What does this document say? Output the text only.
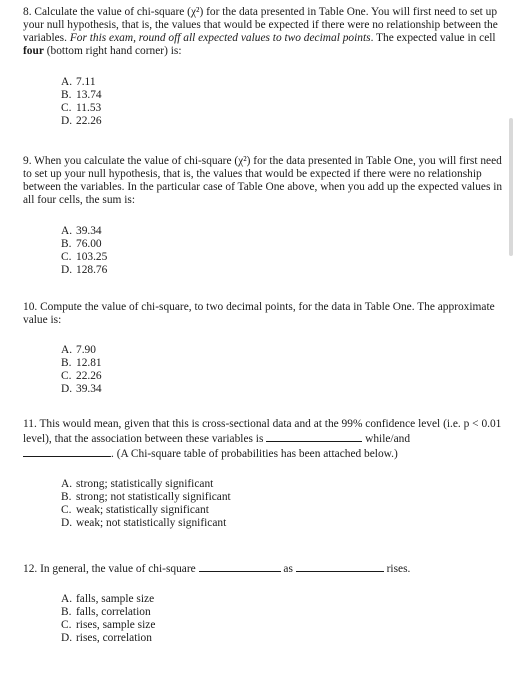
8. Calculate the value of chi-square (χ²) for the data presented in Table One. You will first need to set up your null hypothesis, that is, the values that would be expected if there were no relationship between the variables. For this exam, round off all expected values to two decimal points. The expected value in cell four (bottom right hand corner) is:

A. 7.11
B. 13.74
C. 11.53
D. 22.26

9. When you calculate the value of chi-square (χ²) for the data presented in Table One, you will first need to set up your null hypothesis, that is, the values that would be expected if there were no relationship between the variables. In the particular case of Table One above, when you add up the expected values in all four cells, the sum is:

A. 39.34
B. 76.00
C. 103.25
D. 128.76

10. Compute the value of chi-square, to two decimal points, for the data in Table One. The approximate value is:

A. 7.90
B. 12.81
C. 22.26
D. 39.34

11. This would mean, given that this is cross-sectional data and at the 99% confidence level (i.e. p < 0.01 level), that the association between these variables is	while/and
. (A Chi-square table of probabilities has been attached below.)

A. strong; statistically significant
B. strong; not statistically significant
C. weak; statistically significant
D. weak; not statistically significant

12. In general, the value of chi-square	as	rises.

A. falls, sample size
B. falls, correlation
C. rises, sample size
D. rises, correlation
